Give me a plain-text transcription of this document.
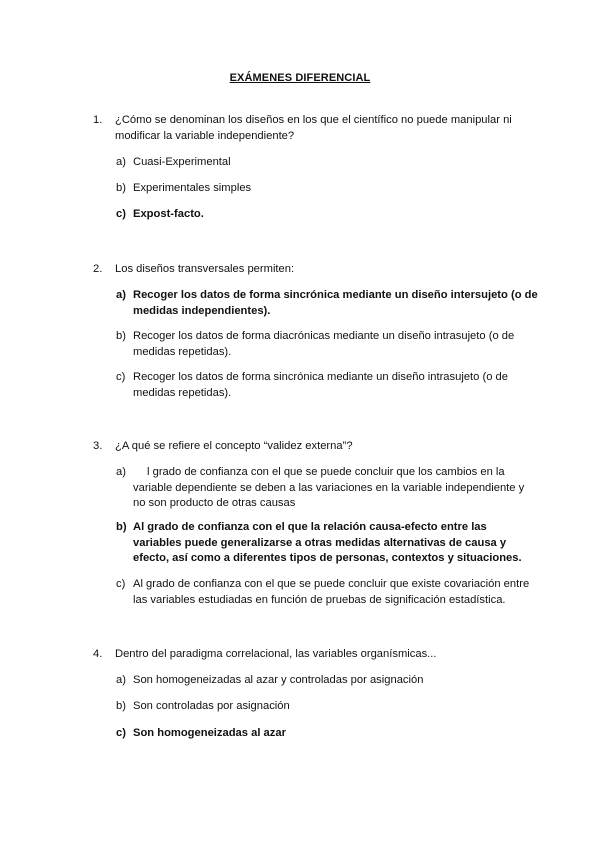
EXÁMENES DIFERENCIAL
1. ¿Cómo se denominan los diseños en los que el científico no puede manipular ni modificar la variable independiente?
a) Cuasi-Experimental
b) Experimentales simples
c) Expost-facto.
2. Los diseños transversales permiten:
a) Recoger los datos de forma sincrónica mediante un diseño intersujeto (o de medidas independientes).
b) Recoger los datos de forma diacrónicas mediante un diseño intrasujeto (o de medidas repetidas).
c) Recoger los datos de forma sincrónica mediante un diseño intrasujeto (o de medidas repetidas).
3. ¿A qué se refiere el concepto “validez externa”?
a)	l grado de confianza con el que se puede concluir que los cambios en la variable dependiente se deben a las variaciones en la variable independiente y no son producto de otras causas
b) Al grado de confianza con el que la relación causa-efecto entre las variables puede generalizarse a otras medidas alternativas de causa y efecto, así como a diferentes tipos de personas, contextos y situaciones.
c) Al grado de confianza con el que se puede concluir que existe covariación entre las variables estudiadas en función de pruebas de significación estadística.
4. Dentro del paradigma correlacional, las variables organísmicas...
a) Son homogeneizadas al azar y controladas por asignación
b) Son controladas por asignación
c) Son homogeneizadas al azar
